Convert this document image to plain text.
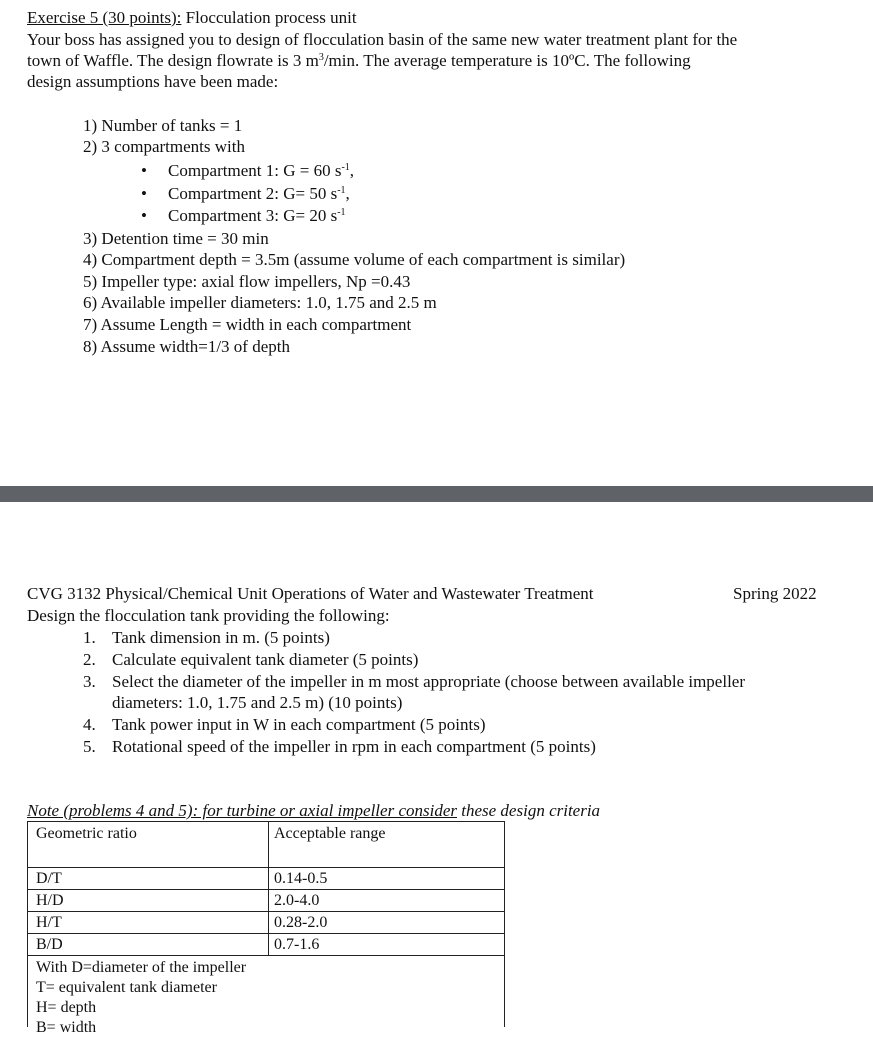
Exercise 5 (30 points): Flocculation process unit
Your boss has assigned you to design of flocculation basin of the same new water treatment plant for the
town of Waffle. The design flowrate is 3 $m^3/\min$. The average temperature is 10ºC. The following
design assumptions have been made:
1) Number of tanks = 1
2) 3 compartments with
• Compartment 1: G = 60 $s^{-1}$,
• Compartment 2: G= 50 $s^{-1}$,
• Compartment 3: G= 20 $s^{-1}$
3) Detention time = 30 min
4) Compartment depth = 3.5m (assume volume of each compartment is similar)
5) Impeller type: axial flow impellers, Np =0.43
6) Available impeller diameters: 1.0, 1.75 and 2.5 m
7) Assume Length = width in each compartment
8) Assume width=1/3 of depth
CVG 3132 Physical/Chemical Unit Operations of Water and Wastewater Treatment	Spring 2022
Design the flocculation tank providing the following:
1. Tank dimension in m. (5 points)
2. Calculate equivalent tank diameter (5 points)
3. Select the diameter of the impeller in m most appropriate (choose between available impeller
diameters: 1.0, 1.75 and 2.5 m) (10 points)
4. Tank power input in W in each compartment (5 points)
5. Rotational speed of the impeller in rpm in each compartment (5 points)
Note (problems 4 and 5): for turbine or axial impeller consider these design criteria
Geometric ratio	Acceptable range
D/T	0.14-0.5
H/D	2.0-4.0
H/T	0.28-2.0
B/D	0.7-1.6
With D=diameter of the impeller
T= equivalent tank diameter
H= depth
B= width
